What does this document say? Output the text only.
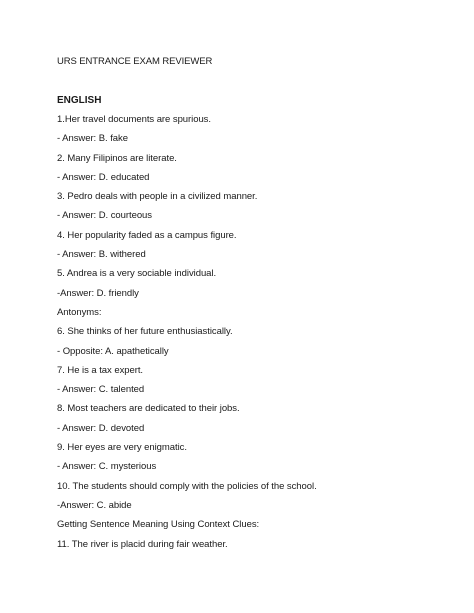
URS ENTRANCE EXAM REVIEWER
ENGLISH
1.Her travel documents are spurious.
- Answer: B. fake
2. Many Filipinos are literate.
- Answer: D. educated
3. Pedro deals with people in a civilized manner.
- Answer: D. courteous
4. Her popularity faded as a campus figure.
- Answer: B. withered
5. Andrea is a very sociable individual.
-Answer: D. friendly
Antonyms:
6. She thinks of her future enthusiastically.
- Opposite: A. apathetically
7. He is a tax expert.
- Answer: C. talented
8. Most teachers are dedicated to their jobs.
- Answer: D. devoted
9. Her eyes are very enigmatic.
- Answer: C. mysterious
10. The students should comply with the policies of the school.
-Answer: C. abide
Getting Sentence Meaning Using Context Clues:
11. The river is placid during fair weather.
